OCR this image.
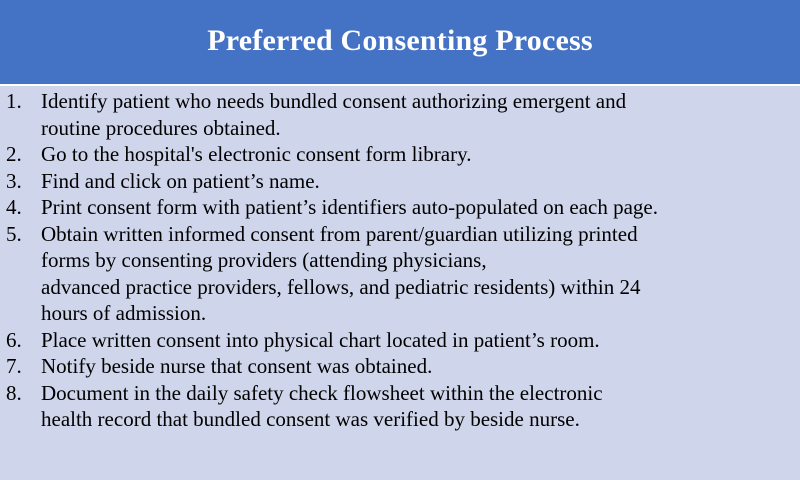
Preferred Consenting Process
1. Identify patient who needs bundled consent authorizing emergent and
routine procedures obtained.
2. Go to the hospital's electronic consent form library.
3. Find and click on patient’s name.
4. Print consent form with patient’s identifiers auto-populated on each page.
5. Obtain written informed consent from parent/guardian utilizing printed
forms by consenting providers (attending physicians,
advanced practice providers, fellows, and pediatric residents) within 24
hours of admission.
6. Place written consent into physical chart located in patient’s room.
7. Notify beside nurse that consent was obtained.
8. Document in the daily safety check flowsheet within the electronic
health record that bundled consent was verified by beside nurse.
